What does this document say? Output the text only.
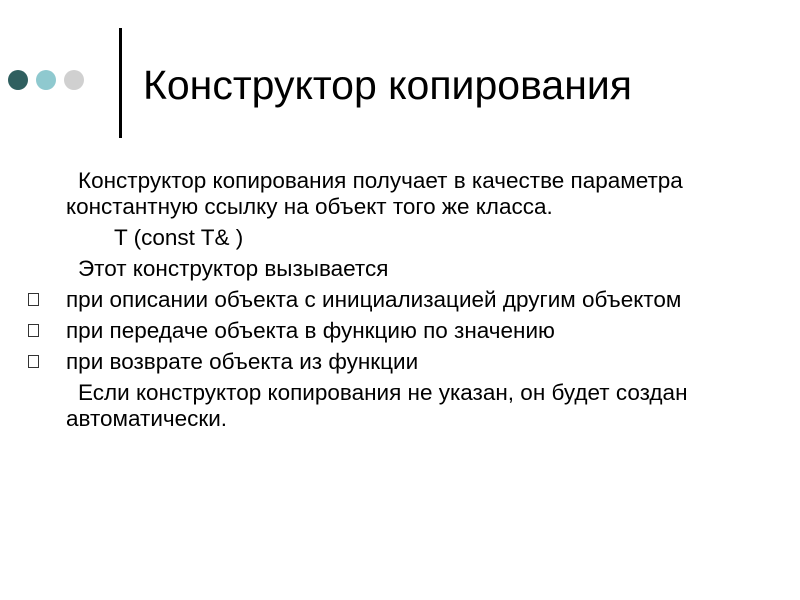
Конструктор копирования

Конструктор копирования получает в качестве параметра константную ссылку на объект того же класса.

T (const T& )

Этот конструктор вызывается

при описании объекта с инициализацией другим объектом

при передаче объекта в функцию по значению

при возврате объекта из функции

Если конструктор копирования не указан, он будет создан автоматически.
